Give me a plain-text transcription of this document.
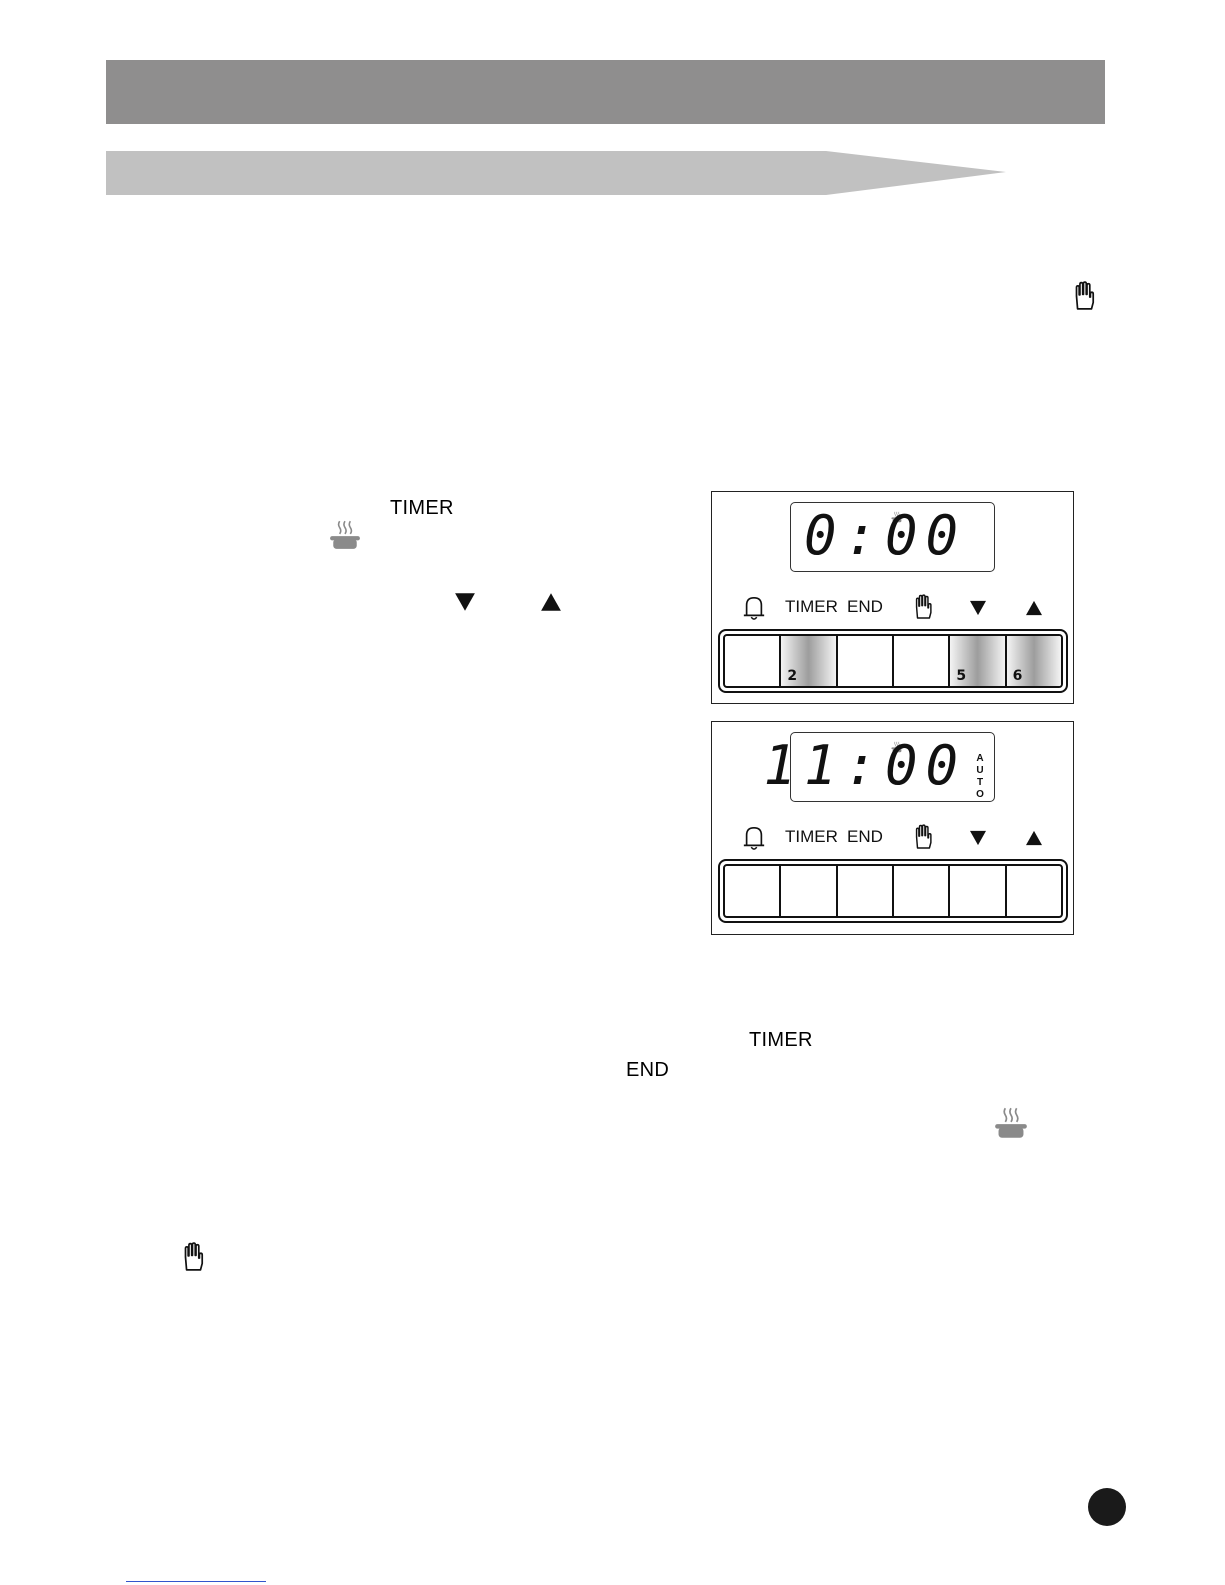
TIMER	0:00
TIMER END
2	5	6
11:00 AUTO
TIMER END
TIMER
END
